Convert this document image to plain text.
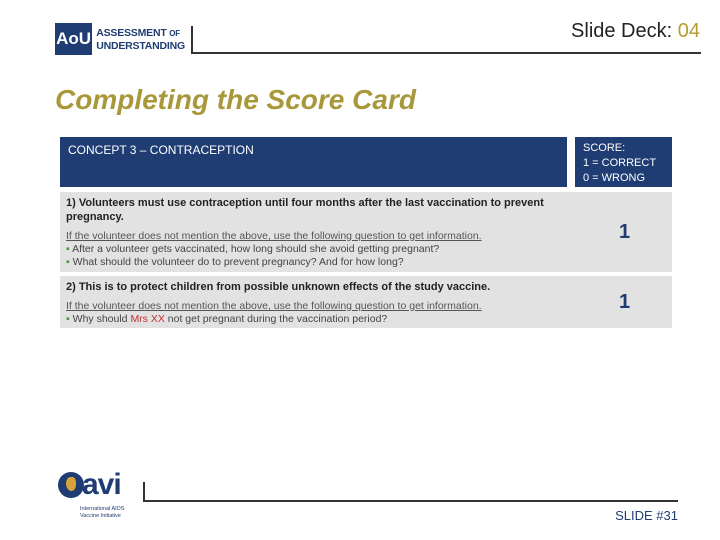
AoU ASSESSMENT OF
UNDERSTANDING
Slide Deck: 04
Completing the Score Card
CONCEPT 3 – CONTRACEPTION	SCORE:
1 = CORRECT
0 = WRONG
1) Volunteers must use contraception until four months after the last vaccination to prevent pregnancy.
If the volunteer does not mention the above, use the following question to get information.
▪ After a volunteer gets vaccinated, how long should she avoid getting pregnant?
▪ What should the volunteer do to prevent pregnancy? And for how long?
1
2) This is to protect children from possible unknown effects of the study vaccine.
If the volunteer does not mention the above, use the following question to get information.
▪ Why should Mrs XX not get pregnant during the vaccination period?
1
avi
International AIDS
Vaccine Initiative	SLIDE #31
